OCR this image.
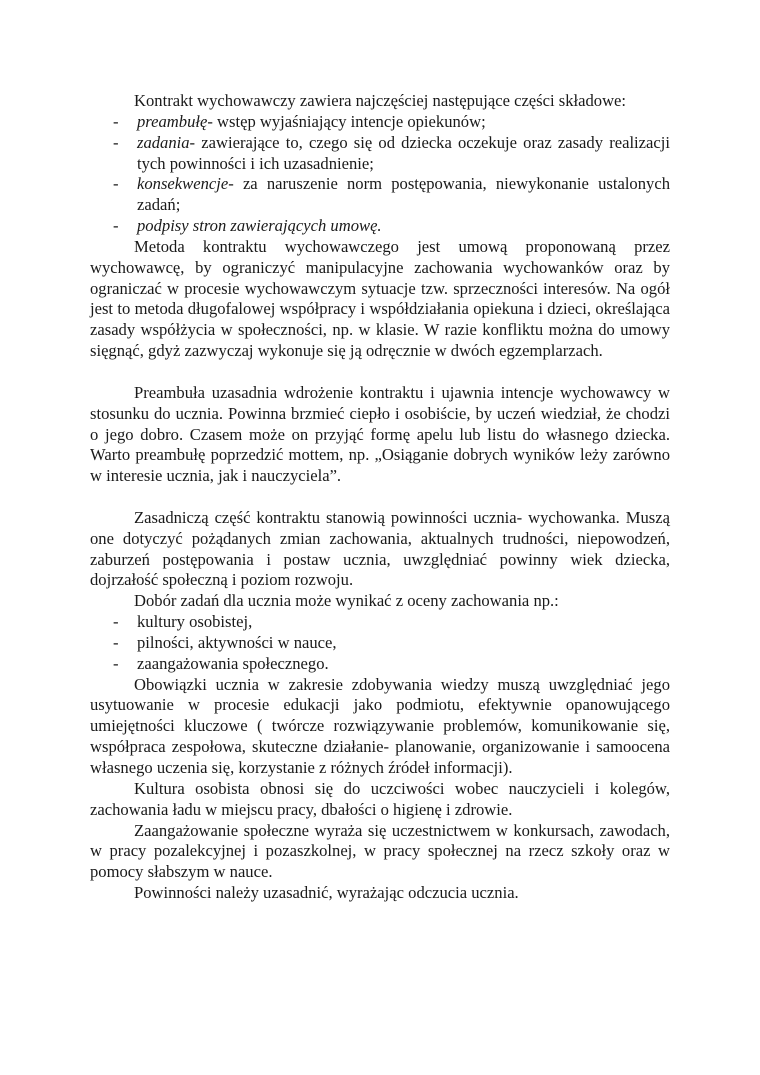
Kontrakt wychowawczy zawiera najczęściej następujące części składowe:

- preambułę- wstęp wyjaśniający intencje opiekunów;
- zadania- zawierające to, czego się od dziecka oczekuje oraz zasady realizacji tych powinności i ich uzasadnienie;
- konsekwencje- za naruszenie norm postępowania, niewykonanie ustalonych zadań;
- podpisy stron zawierających umowę.

Metoda kontraktu wychowawczego jest umową proponowaną przez wychowawcę, by ograniczyć manipulacyjne zachowania wychowanków oraz by ograniczać w procesie wychowawczym sytuacje tzw. sprzeczności interesów. Na ogół jest to metoda długofalowej współpracy i współdziałania opiekuna i dzieci, określająca zasady współżycia w społeczności, np. w klasie. W razie konfliktu można do umowy sięgnąć, gdyż zazwyczaj wykonuje się ją odręcznie w dwóch egzemplarzach.

Preambuła uzasadnia wdrożenie kontraktu i ujawnia intencje wychowawcy w stosunku do ucznia. Powinna brzmieć ciepło i osobiście, by uczeń wiedział, że chodzi o jego dobro. Czasem może on przyjąć formę apelu lub listu do własnego dziecka. Warto preambułę poprzedzić mottem, np. „Osiąganie dobrych wyników leży zarówno w interesie ucznia, jak i nauczyciela”.

Zasadniczą część kontraktu stanowią powinności ucznia- wychowanka. Muszą one dotyczyć pożądanych zmian zachowania, aktualnych trudności, niepowodzeń, zaburzeń postępowania i postaw ucznia, uwzględniać powinny wiek dziecka, dojrzałość społeczną i poziom rozwoju.

Dobór zadań dla ucznia może wynikać z oceny zachowania np.:

- kultury osobistej,
- pilności, aktywności w nauce,
- zaangażowania społecznego.

Obowiązki ucznia w zakresie zdobywania wiedzy muszą uwzględniać jego usytuowanie w procesie edukacji jako podmiotu, efektywnie opanowującego umiejętności kluczowe ( twórcze rozwiązywanie problemów, komunikowanie się, współpraca zespołowa, skuteczne działanie- planowanie, organizowanie i samoocena własnego uczenia się, korzystanie z różnych źródeł informacji).

Kultura osobista obnosi się do uczciwości wobec nauczycieli i kolegów, zachowania ładu w miejscu pracy, dbałości o higienę i zdrowie.

Zaangażowanie społeczne wyraża się uczestnictwem w konkursach, zawodach, w pracy pozalekcyjnej i pozaszkolnej, w pracy społecznej na rzecz szkoły oraz w pomocy słabszym w nauce.

Powinności należy uzasadnić, wyrażając odczucia ucznia.
